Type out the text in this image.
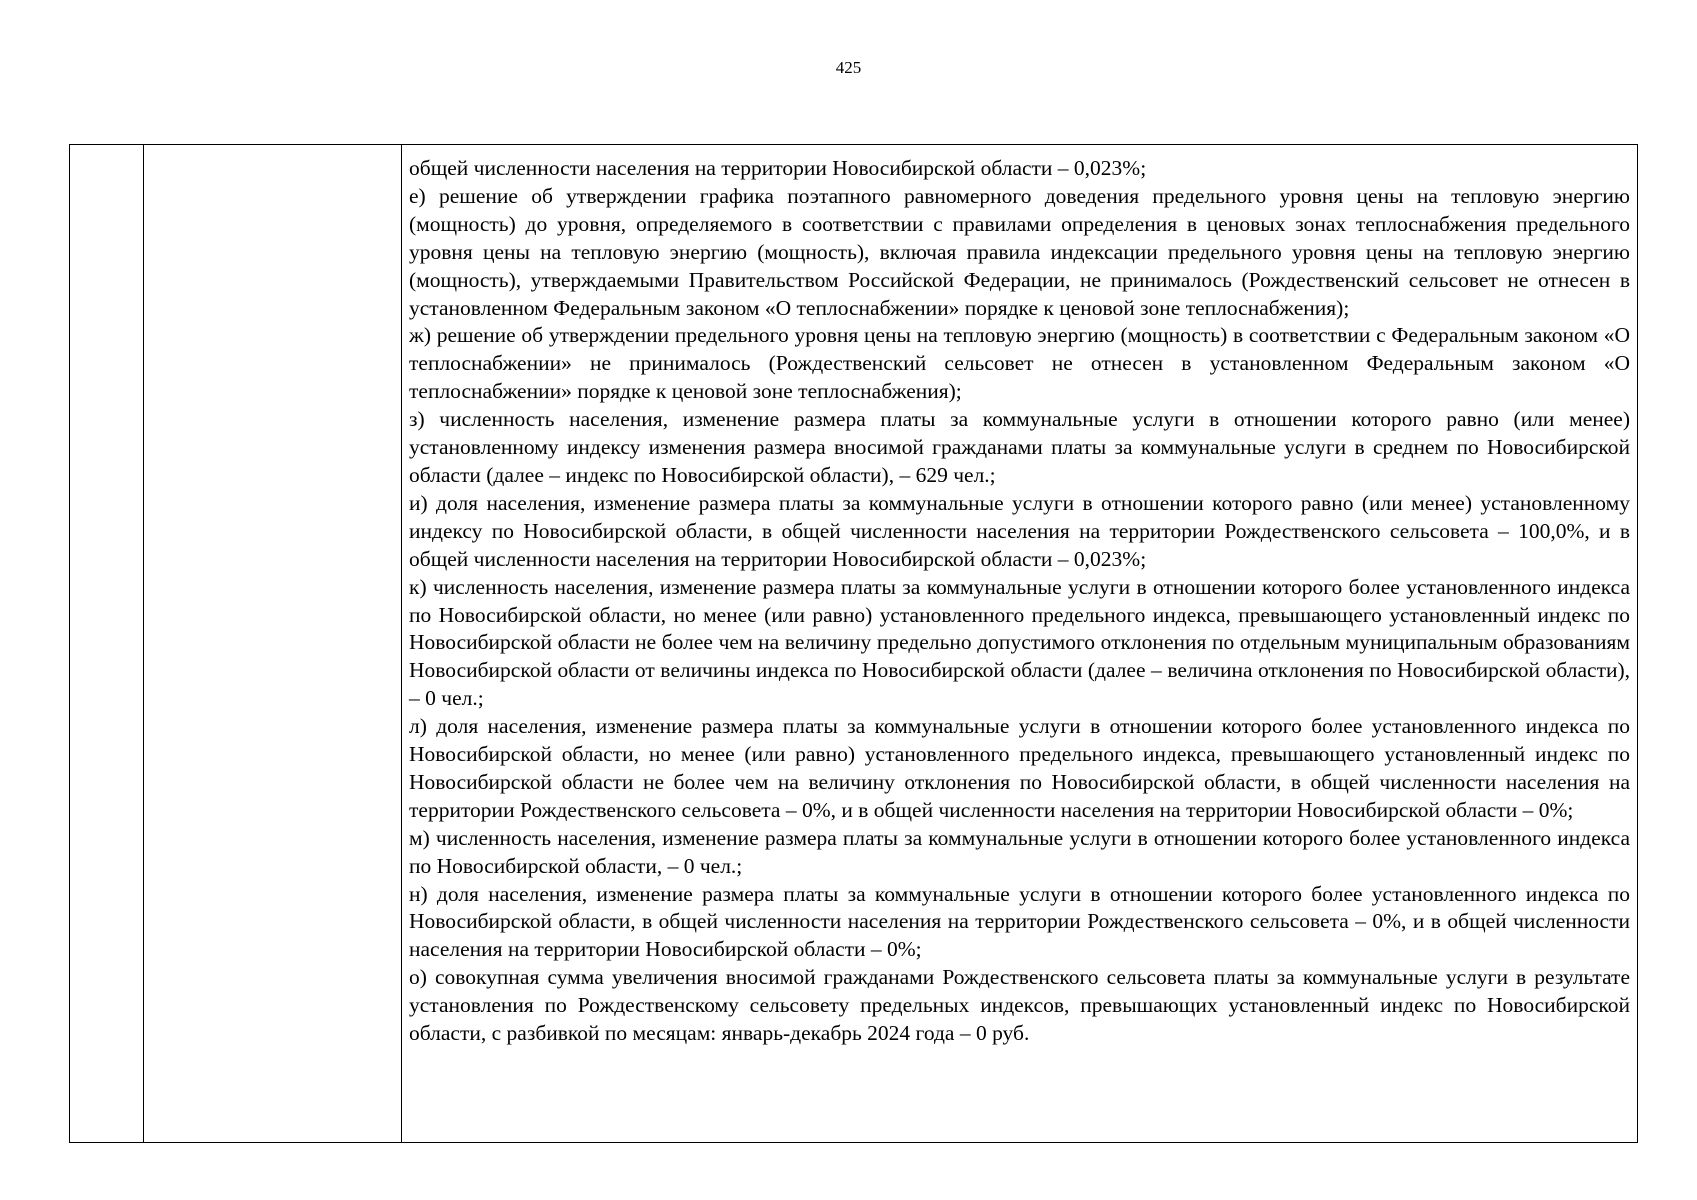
425

общей численности населения на территории Новосибирской области – 0,023%;

е) решение об утверждении графика поэтапного равномерного доведения предельного уровня цены на тепловую энергию (мощность) до уровня, определяемого в соответствии с правилами определения в ценовых зонах теплоснабжения предельного уровня цены на тепловую энергию (мощность), включая правила индексации предельного уровня цены на тепловую энергию (мощность), утверждаемыми Правительством Российской Федерации, не принималось (Рождественский сельсовет не отнесен в установленном Федеральным законом «О теплоснабжении» порядке к ценовой зоне теплоснабжения);

ж) решение об утверждении предельного уровня цены на тепловую энергию (мощность) в соответствии с Федеральным законом «О теплоснабжении» не принималось (Рождественский сельсовет не отнесен в установленном Федеральным законом «О теплоснабжении» порядке к ценовой зоне теплоснабжения);

з) численность населения, изменение размера платы за коммунальные услуги в отношении которого равно (или менее) установленному индексу изменения размера вносимой гражданами платы за коммунальные услуги в среднем по Новосибирской области (далее – индекс по Новосибирской области), – 629 чел.;

и) доля населения, изменение размера платы за коммунальные услуги в отношении которого равно (или менее) установленному индексу по Новосибирской области, в общей численности населения на территории Рождественского сельсовета – 100,0%, и в общей численности населения на территории Новосибирской области – 0,023%;

к) численность населения, изменение размера платы за коммунальные услуги в отношении которого более установленного индекса по Новосибирской области, но менее (или равно) установленного предельного индекса, превышающего установленный индекс по Новосибирской области не более чем на величину предельно допустимого отклонения по отдельным муниципальным образованиям Новосибирской области от величины индекса по Новосибирской области (далее – величина отклонения по Новосибирской области), – 0 чел.;

л) доля населения, изменение размера платы за коммунальные услуги в отношении которого более установленного индекса по Новосибирской области, но менее (или равно) установленного предельного индекса, превышающего установленный индекс по Новосибирской области не более чем на величину отклонения по Новосибирской области, в общей численности населения на территории Рождественского сельсовета – 0%, и в общей численности населения на территории Новосибирской области – 0%;

м) численность населения, изменение размера платы за коммунальные услуги в отношении которого более установленного индекса по Новосибирской области, – 0 чел.;

н) доля населения, изменение размера платы за коммунальные услуги в отношении которого более установленного индекса по Новосибирской области, в общей численности населения на территории Рождественского сельсовета – 0%, и в общей численности населения на территории Новосибирской области – 0%;

о) совокупная сумма увеличения вносимой гражданами Рождественского сельсовета платы за коммунальные услуги в результате установления по Рождественскому сельсовету предельных индексов, превышающих установленный индекс по Новосибирской области, с разбивкой по месяцам: январь-декабрь 2024 года – 0 руб.
